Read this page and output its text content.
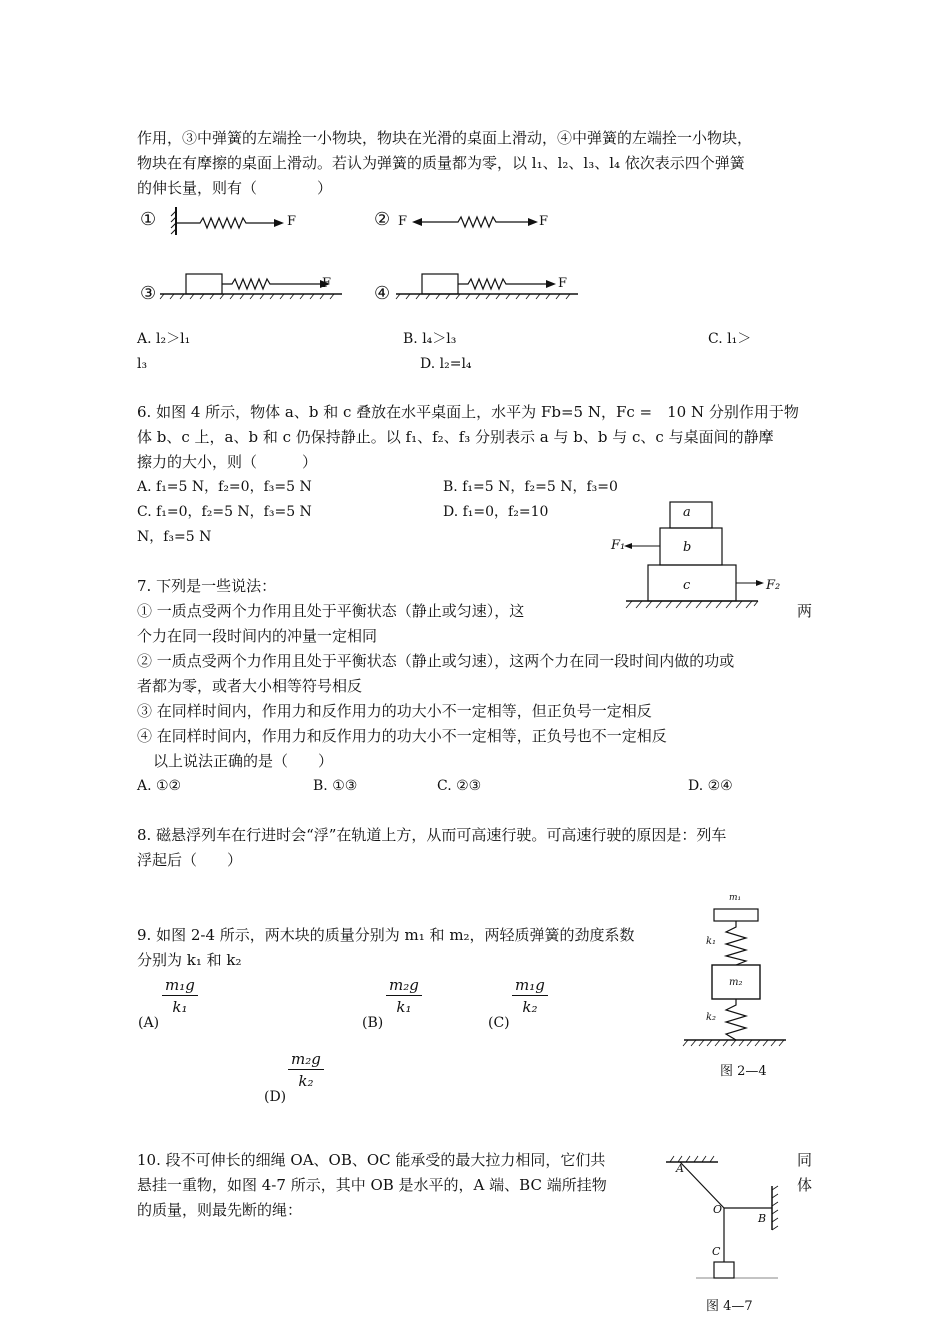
作用，③中弹簧的左端拴一小物块，物块在光滑的桌面上滑动，④中弹簧的左端拴一小物块，
物块在有摩擦的桌面上滑动。若认为弹簧的质量都为零，以 l₁、l₂、l₃、l₄ 依次表示四个弹簧
的伸长量，则有（　　　　）
①	F	② F	F
③	F ④	F
A. l₂＞l₁	B. l₄＞l₃	C. l₁＞
l₃	D. l₂=l₄
6. 如图 4 所示，物体 a、b 和 c 叠放在水平桌面上，水平为 Fb=5 N，Fc =　10 N 分别作用于物
体 b、c 上，a、b 和 c 仍保持静止。以 f₁、f₂、f₃ 分别表示 a 与 b、b 与 c、c 与桌面间的静摩
擦力的大小，则（　　　）
A. f₁=5 N，f₂=0，f₃=5 N	B. f₁=5 N，f₂=5 N，f₃=0
C. f₁=0，f₂=5 N，f₃=5 N	D. f₁=0，f₂=10
N，f₃=5 N
a
b
c
F₁
F₂
7. 下列是一些说法：
① 一质点受两个力作用且处于平衡状态（静止或匀速），这	两
个力在同一段时间内的冲量一定相同
② 一质点受两个力作用且处于平衡状态（静止或匀速），这两个力在同一段时间内做的功或
者都为零，或者大小相等符号相反
③ 在同样时间内，作用力和反作用力的功大小不一定相等，但正负号一定相反
④ 在同样时间内，作用力和反作用力的功大小不一定相等，正负号也不一定相反
以上说法正确的是（　　）
A. ①②	B. ①③	C. ②③	D. ②④
8. 磁悬浮列车在行进时会“浮”在轨道上方，从而可高速行驶。可高速行驶的原因是：列车
浮起后（　　）
9. 如图 2-4 所示，两木块的质量分别为 m₁ 和 m₂，两轻质弹簧的劲度系数
分别为 k₁ 和 k₂
(A)
$\frac{\text{m₁g}}{\text{k₁}}$
(B)
$\frac{\text{m₂g}}{\text{k₁}}$
(C)
$\frac{\text{m₁g}}{\text{k₂}}$
(D)
$\frac{\text{m₂g}}{\text{k₂}}$
m₁
k₁
m₂
k₂
图 2—4
10. 段不可伸长的细绳 OA、OB、OC 能承受的最大拉力相同，它们共	同
悬挂一重物，如图 4-7 所示，其中 OB 是水平的，A 端、BC 端所挂物	体
的质量，则最先断的绳：
A
O
B
C
图 4—7
